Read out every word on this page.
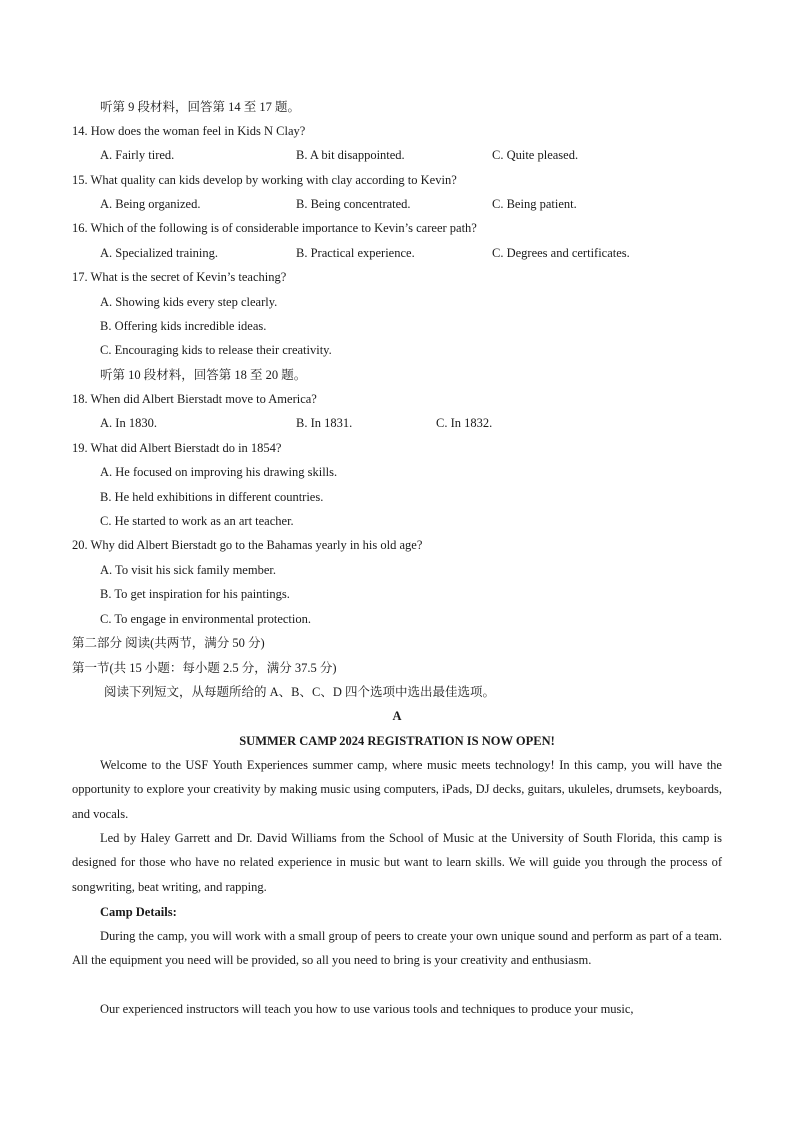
听第 9 段材料，回答第 14 至 17 题。
14. How does the woman feel in Kids N Clay?
A. Fairly tired.	B. A bit disappointed.	C. Quite pleased.
15. What quality can kids develop by working with clay according to Kevin?
A. Being organized.	B. Being concentrated.	C. Being patient.
16. Which of the following is of considerable importance to Kevin’s career path?
A. Specialized training.	B. Practical experience.	C. Degrees and certificates.
17. What is the secret of Kevin’s teaching?
A. Showing kids every step clearly.
B. Offering kids incredible ideas.
C. Encouraging kids to release their creativity.
听第 10 段材料，回答第 18 至 20 题。
18. When did Albert Bierstadt move to America?
A. In 1830.	B. In 1831.	C. In 1832.
19. What did Albert Bierstadt do in 1854?
A. He focused on improving his drawing skills.
B. He held exhibitions in different countries.
C. He started to work as an art teacher.
20. Why did Albert Bierstadt go to the Bahamas yearly in his old age?
A. To visit his sick family member.
B. To get inspiration for his paintings.
C. To engage in environmental protection.
第二部分 阅读(共两节，满分 50 分)
第一节(共 15 小题：每小题 2.5 分，满分 37.5 分)
阅读下列短文，从每题所给的 A、B、C、D 四个选项中选出最佳选项。
A
SUMMER CAMP 2024 REGISTRATION IS NOW OPEN!
Welcome to the USF Youth Experiences summer camp, where music meets technology! In this camp, you will have the opportunity to explore your creativity by making music using computers, iPads, DJ decks, guitars, ukuleles, drumsets, keyboards, and vocals.
Led by Haley Garrett and Dr. David Williams from the School of Music at the University of South Florida, this camp is designed for those who have no related experience in music but want to learn skills. We will guide you through the process of songwriting, beat writing, and rapping.
Camp Details:
During the camp, you will work with a small group of peers to create your own unique sound and perform as part of a team. All the equipment you need will be provided, so all you need to bring is your creativity and enthusiasm.
Our experienced instructors will teach you how to use various tools and techniques to produce your music,
